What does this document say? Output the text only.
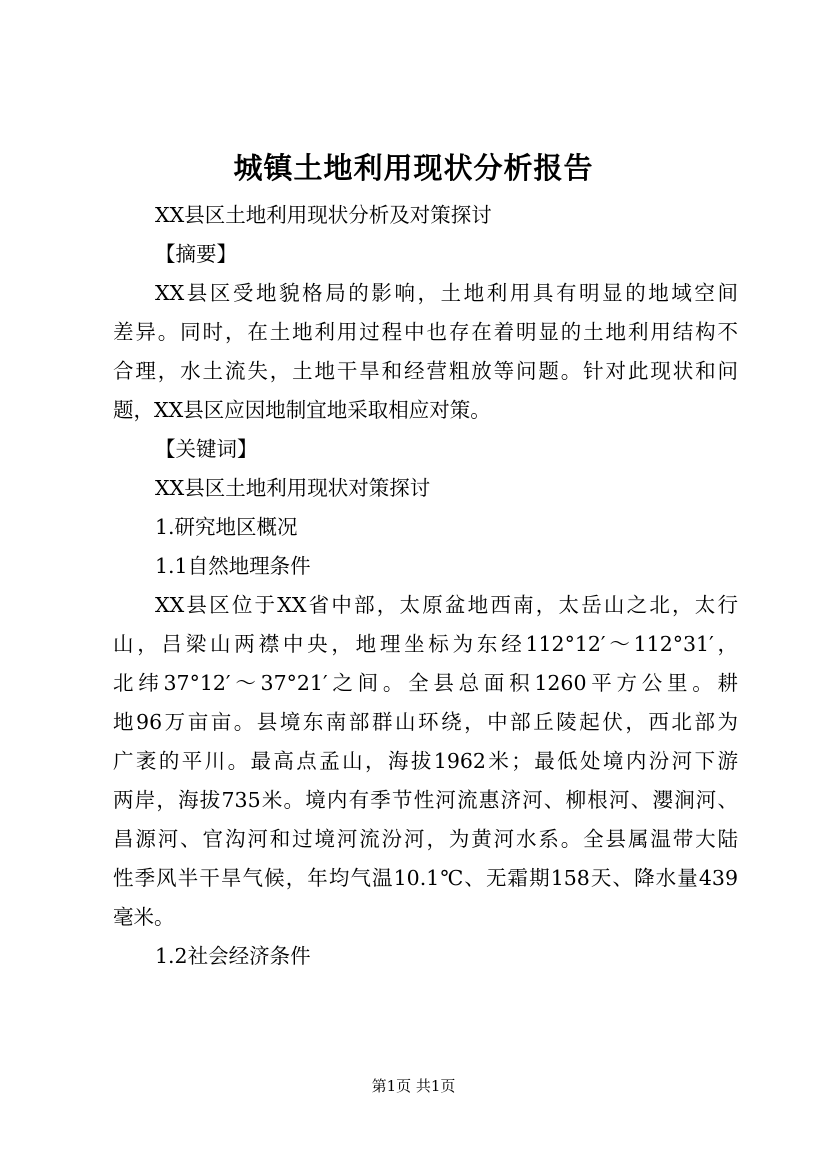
城镇土地利用现状分析报告
XX县区土地利用现状分析及对策探讨
【摘要】
XX县区受地貌格局的影响，土地利用具有明显的地域空间
差异。同时，在土地利用过程中也存在着明显的土地利用结构不
合理，水土流失，土地干旱和经营粗放等问题。针对此现状和问
题，XX县区应因地制宜地采取相应对策。
【关键词】
XX县区土地利用现状对策探讨
1.研究地区概况
1.1自然地理条件
XX县区位于XX省中部，太原盆地西南，太岳山之北，太行
山，吕梁山两襟中央，地理坐标为东经112°12′～112°31′，
北纬37°12′～37°21′之间。全县总面积1260平方公里。耕
地96万亩亩。县境东南部群山环绕，中部丘陵起伏，西北部为
广袤的平川。最高点孟山，海拔1962米；最低处境内汾河下游
两岸，海拔735米。境内有季节性河流惠济河、柳根河、瀴涧河、
昌源河、官沟河和过境河流汾河，为黄河水系。全县属温带大陆
性季风半干旱气候，年均气温10.1℃、无霜期158天、降水量439
毫米。
1.2社会经济条件
第1页 共1页
